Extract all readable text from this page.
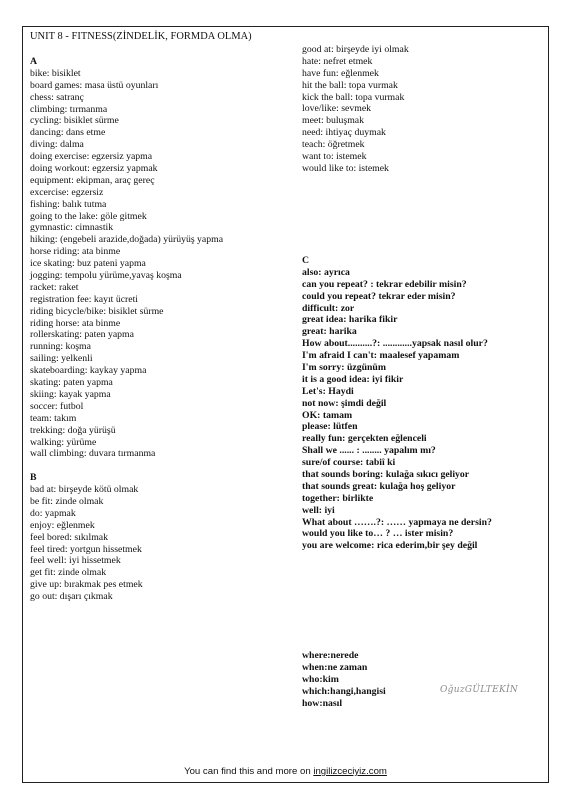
UNIT 8 - FITNESS(ZİNDELİK, FORMDA OLMA)
A
bike: bisiklet
board games: masa üstü oyunları
chess: satranç
climbing: tırmanma
cycling: bisiklet sürme
dancing: dans etme
diving: dalma
doing exercise: egzersiz yapma
doing workout: egzersiz yapmak
equipment: ekipman, araç gereç
excercise: egzersiz
fishing: balık tutma
going to the lake: göle gitmek
gymnastic: cimnastik
hiking: (engebeli arazide,doğada) yürüyüş yapma
horse riding: ata binme
ice skating: buz pateni yapma
jogging: tempolu yürüme,yavaş koşma
racket: raket
registration fee: kayıt ücreti
riding bicycle/bike: bisiklet sürme
riding horse: ata binme
rollerskating: paten yapma
running: koşma
sailing: yelkenli
skateboarding: kaykay yapma
skating: paten yapma
skiing: kayak yapma
soccer: futbol
team: takım
trekking: doğa yürüşü
walking: yürüme
wall climbing: duvara tırmanma
B
bad at: birşeyde kötü olmak
be fit: zinde olmak
do: yapmak
enjoy: eğlenmek
feel bored: sıkılmak
feel tired: yortgun hissetmek
feel well: iyi hissetmek
get fit: zinde olmak
give up: bırakmak pes etmek
go out: dışarı çıkmak
good at: birşeyde iyi olmak
hate: nefret etmek
have fun: eğlenmek
hit the ball: topa vurmak
kick the ball: topa vurmak
love/like: sevmek
meet: buluşmak
need: ihtiyaç duymak
teach: öğretmek
want to: istemek
would like to: istemek
C
also: ayrıca
can you repeat? : tekrar edebilir misin?
could you repeat? tekrar eder misin?
difficult: zor
great idea: harika fikir
great: harika
How about..........?: ............yapsak nasıl olur?
I'm afraid I can't: maalesef yapamam
I'm sorry: üzgünüm
it is a good idea: iyi fikir
Let's: Haydi
not now: şimdi değil
OK: tamam
please: lütfen
really fun: gerçekten eğlenceli
Shall we ...... : ........ yapalım mı?
sure/of course: tabiî ki
that sounds boring: kulağa sıkıcı geliyor
that sounds great: kulağa hoş geliyor
together: birlikte
well: iyi
What about …….?: …… yapmaya ne dersin?
would you like to… ? … ister misin?
you are welcome: rica ederim,bir şey değil
where:nerede
when:ne zaman
who:kim
which:hangi,hangisi
how:nasıl
OğuzGÜLTEKİN
You can find this and more on ingilizceciyiz.com
